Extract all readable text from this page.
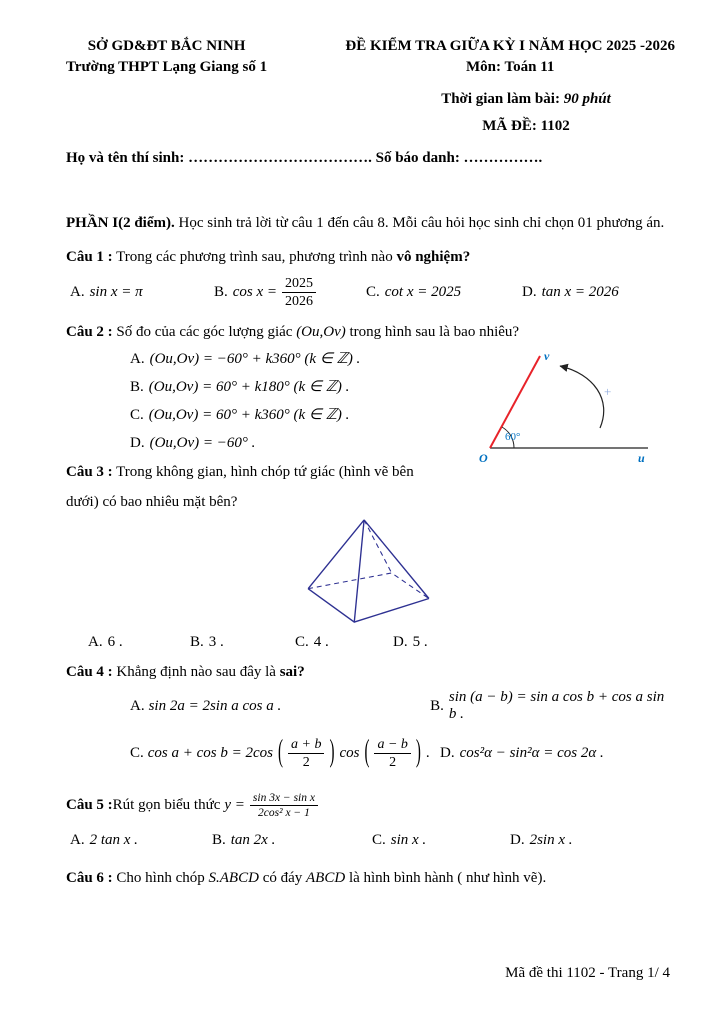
SỞ GD&ĐT BẮC NINH
Trường THPT Lạng Giang số 1
ĐỀ KIỂM TRA GIỮA KỲ I NĂM HỌC 2025 -2026
Môn: Toán 11
Thời gian làm bài: 90 phút
MÃ ĐỀ: 1102
Họ và tên thí sinh: ………………………………. Số báo danh: …………….
PHẦN I(2 điểm). Học sinh trả lời từ câu 1 đến câu 8. Mỗi câu hỏi học sinh chỉ chọn 01 phương án.
Câu 1 : Trong các phương trình sau, phương trình nào vô nghiệm?
A. sin x = π	B. $\cos x = \frac{2025}{2026}$	C. cot x = 2025	D. tan x = 2026
Câu 2 : Số đo của các góc lượng giác (Ou,Ov) trong hình sau là bao nhiêu?
A. (Ou,Ov) = −60° + k360° (k ∈ ℤ) .
B. (Ou,Ov) = 60° + k180° (k ∈ ℤ) .
C. (Ou,Ov) = 60° + k360° (k ∈ ℤ) .
D. (Ou,Ov) = −60° .
+
60°
O	u
v
Câu 3 : Trong không gian, hình chóp tứ giác (hình vẽ bên
dưới) có bao nhiêu mặt bên?
A. 6 .	B. 3 .	C. 4 .	D. 5 .
Câu 4 : Khẳng định nào sau đây là sai?
A. sin 2a = 2sin a cos a .	B.
sin (a − b) = sin a cos b + cos a sin b .
C. cos a + cos b = 2cos ( $\frac{a + b}{2}$ ) cos ( $\frac{a - b}{2}$ ) . D. cos²α − sin²α = cos 2α .
Câu 5 : Rút gọn biểu thức $y = \frac{\text{sin 3x − sin x}}{\text{2cos² x − 1}}$
A. 2 tan x .	B. tan 2x .	C. sin x .	D. 2sin x .
Câu 6 : Cho hình chóp S.ABCD có đáy ABCD là hình bình hành ( như hình vẽ).
Mã đề thi 1102 - Trang 1/ 4
